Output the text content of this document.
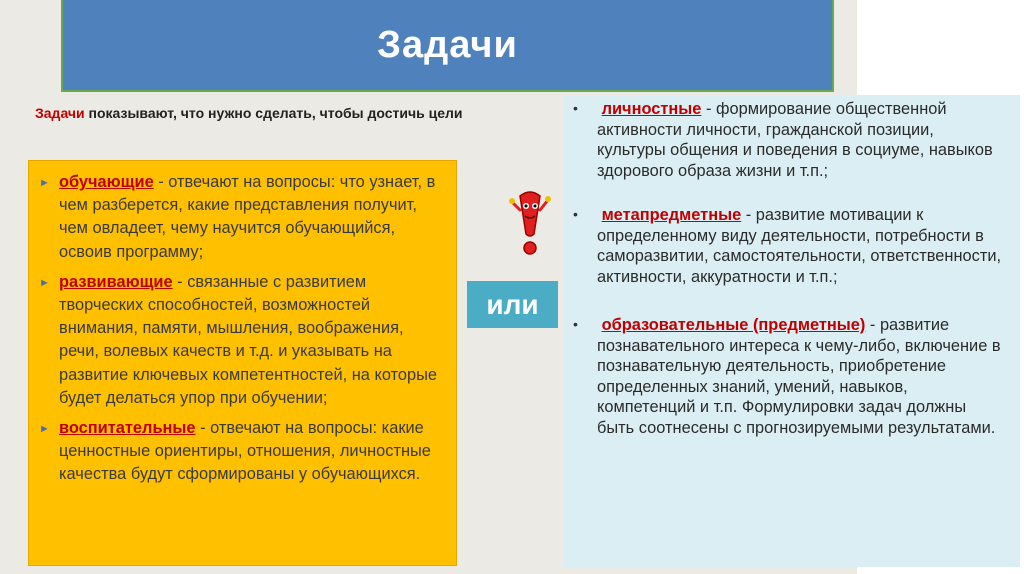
Задачи
Задачи показывают, что нужно сделать, чтобы достичь цели
► обучающие - отвечают на вопросы: что узнает, в чем разберется, какие представления получит, чем овладеет, чему научится обучающийся, освоив программу;
► развивающие - связанные с развитием творческих способностей, возможностей внимания, памяти, мышления, воображения, речи, волевых качеств и т.д. и указывать на развитие ключевых компетентностей, на которые будет делаться упор при обучении;
► воспитательные - отвечают на вопросы: какие ценностные ориентиры, отношения, личностные качества будут сформированы у обучающихся.
или
• личностные - формирование общественной активности личности, гражданской позиции, культуры общения и поведения в социуме, навыков здорового образа жизни и т.п.;
• метапредметные - развитие мотивации к определенному виду деятельности, потребности в саморазвитии, самостоятельности, ответственности, активности, аккуратности и т.п.;
• образовательные (предметные) - развитие познавательного интереса к чему-либо, включение в познавательную деятельность, приобретение определенных знаний, умений, навыков, компетенций и т.п. Формулировки задач должны быть соотнесены с прогнозируемыми результатами.
